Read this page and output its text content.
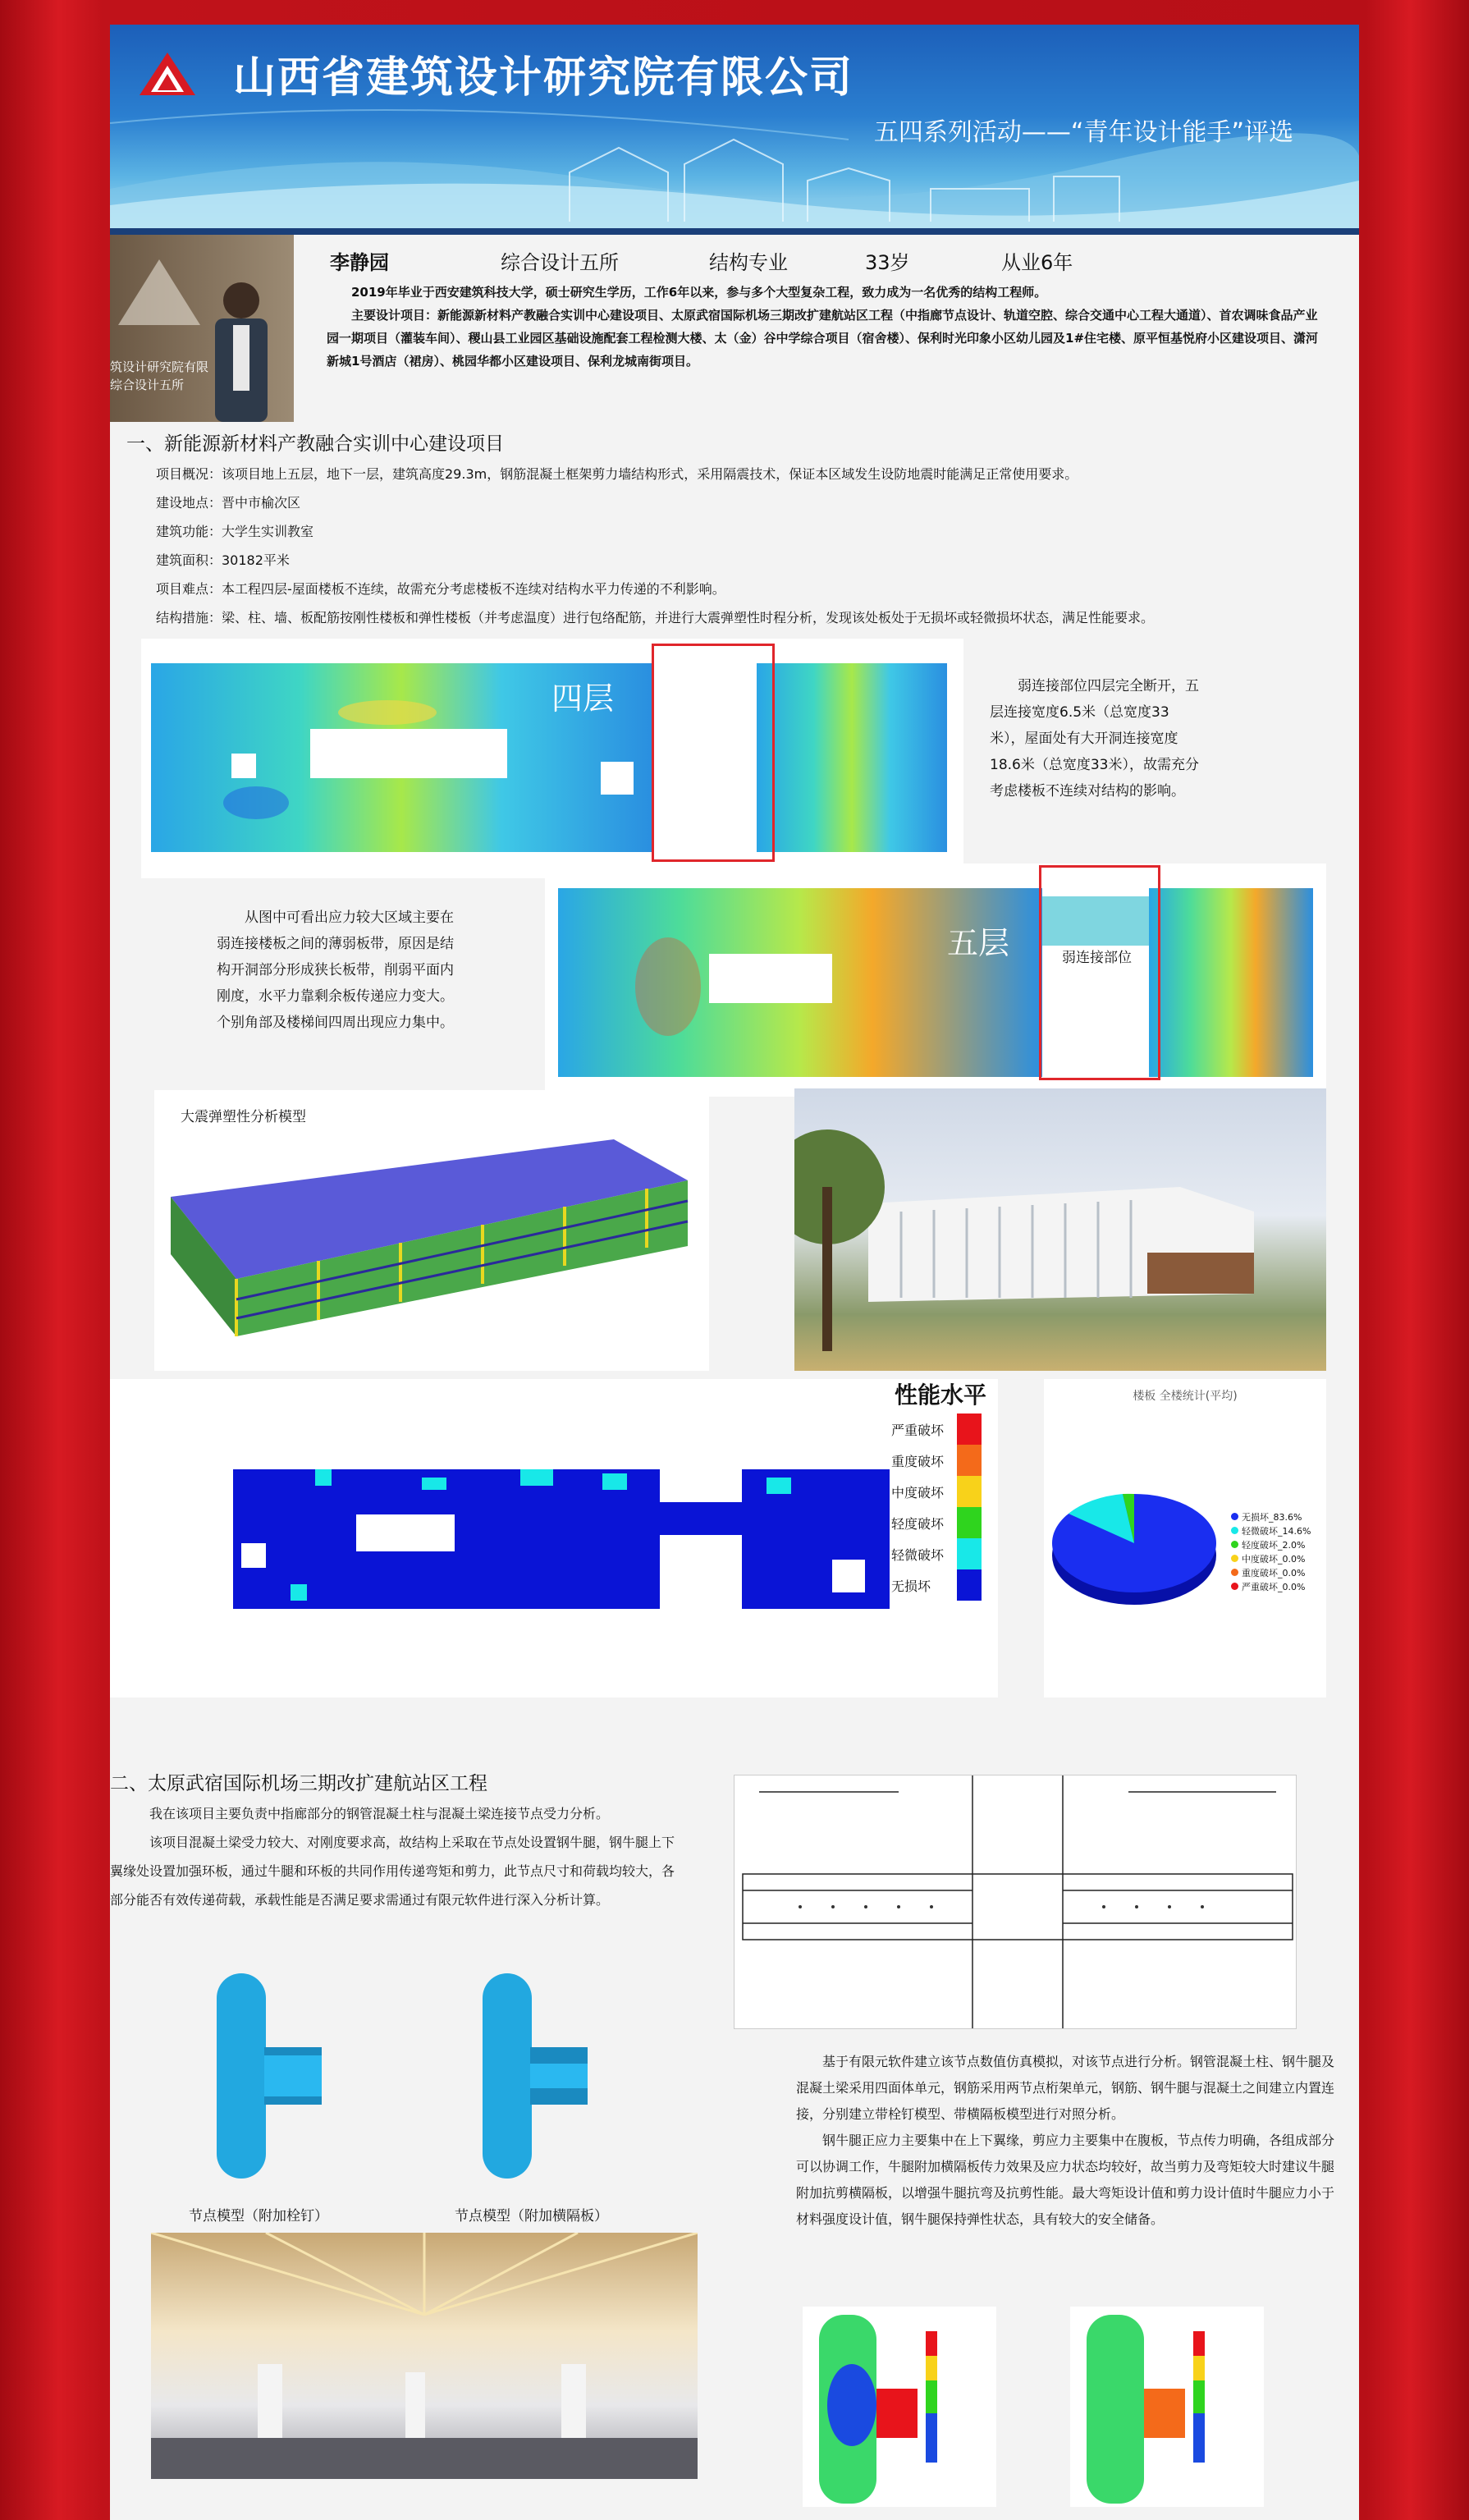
山西省建筑设计研究院有限公司
五四系列活动——“青年设计能手”评选
筑设计研究院有限
综合设计五所
李静园	综合设计五所	结构专业	33岁	从业6年

2019年毕业于西安建筑科技大学，硕士研究生学历，工作6年以来，参与多个大型复杂工程，致力成为一名优秀的结构工程师。

主要设计项目：新能源新材料产教融合实训中心建设项目、太原武宿国际机场三期改扩建航站区工程（中指廊节点设计、轨道空腔、综合交通中心工程大通道）、首农调味食品产业园一期项目（灌装车间）、稷山县工业园区基础设施配套工程检测大楼、太（金）谷中学综合项目（宿舍楼）、保利时光印象小区幼儿园及1#住宅楼、原平恒基悦府小区建设项目、潇河新城1号酒店（裙房）、桃园华都小区建设项目、保利龙城南街项目。

一、新能源新材料产教融合实训中心建设项目
项目概况：该项目地上五层，地下一层，建筑高度29.3m，钢筋混凝土框架剪力墙结构形式，采用隔震技术，保证本区域发生设防地震时能满足正常使用要求。
建设地点：晋中市榆次区
建筑功能：大学生实训教室
建筑面积：30182平米
项目难点：本工程四层-屋面楼板不连续，故需充分考虑楼板不连续对结构水平力传递的不利影响。
结构措施：梁、柱、墙、板配筋按刚性楼板和弹性楼板（并考虑温度）进行包络配筋，并进行大震弹塑性时程分析，发现该处板处于无损坏或轻微损坏状态，满足性能要求。
四层	弱连接部位四层完全断开，五层连接宽度6.5米（总宽度33米），屋面处有大开洞连接宽度18.6米（总宽度33米），故需充分考虑楼板不连续对结构的影响。
从图中可看出应力较大区域主要在弱连接楼板之间的薄弱板带，原因是结构开洞部分形成狭长板带，削弱平面内刚度，水平力靠剩余板传递应力变大。个别角部及楼梯间四周出现应力集中。
五层	弱连接部位
大震弹塑性分析模型
性能水平
严重破坏
重度破坏
中度破坏
轻度破坏
轻微破坏
无损坏
楼板 全楼统计(平均)
无损坏_83.6%
轻微破坏_14.6%
轻度破坏_2.0%
中度破坏_0.0%
重度破坏_0.0%
严重破坏_0.0%
二、太原武宿国际机场三期改扩建航站区工程

我在该项目主要负责中指廊部分的钢管混凝土柱与混凝土梁连接节点受力分析。

该项目混凝土梁受力较大、对刚度要求高，故结构上采取在节点处设置钢牛腿，钢牛腿上下翼缘处设置加强环板，通过牛腿和环板的共同作用传递弯矩和剪力，此节点尺寸和荷载均较大，各部分能否有效传递荷载，承载性能是否满足要求需通过有限元软件进行深入分析计算。

节点模型（附加栓钉）	节点模型（附加横隔板）

基于有限元软件建立该节点数值仿真模拟，对该节点进行分析。钢管混凝土柱、钢牛腿及混凝土梁采用四面体单元，钢筋采用两节点桁架单元，钢筋、钢牛腿与混凝土之间建立内置连接，分别建立带栓钉模型、带横隔板模型进行对照分析。

钢牛腿正应力主要集中在上下翼缘，剪应力主要集中在腹板，节点传力明确，各组成部分可以协调工作，牛腿附加横隔板传力效果及应力状态均较好，故当剪力及弯矩较大时建议牛腿附加抗剪横隔板，以增强牛腿抗弯及抗剪性能。最大弯矩设计值和剪力设计值时牛腿应力小于材料强度设计值，钢牛腿保持弹性状态，具有较大的安全储备。
